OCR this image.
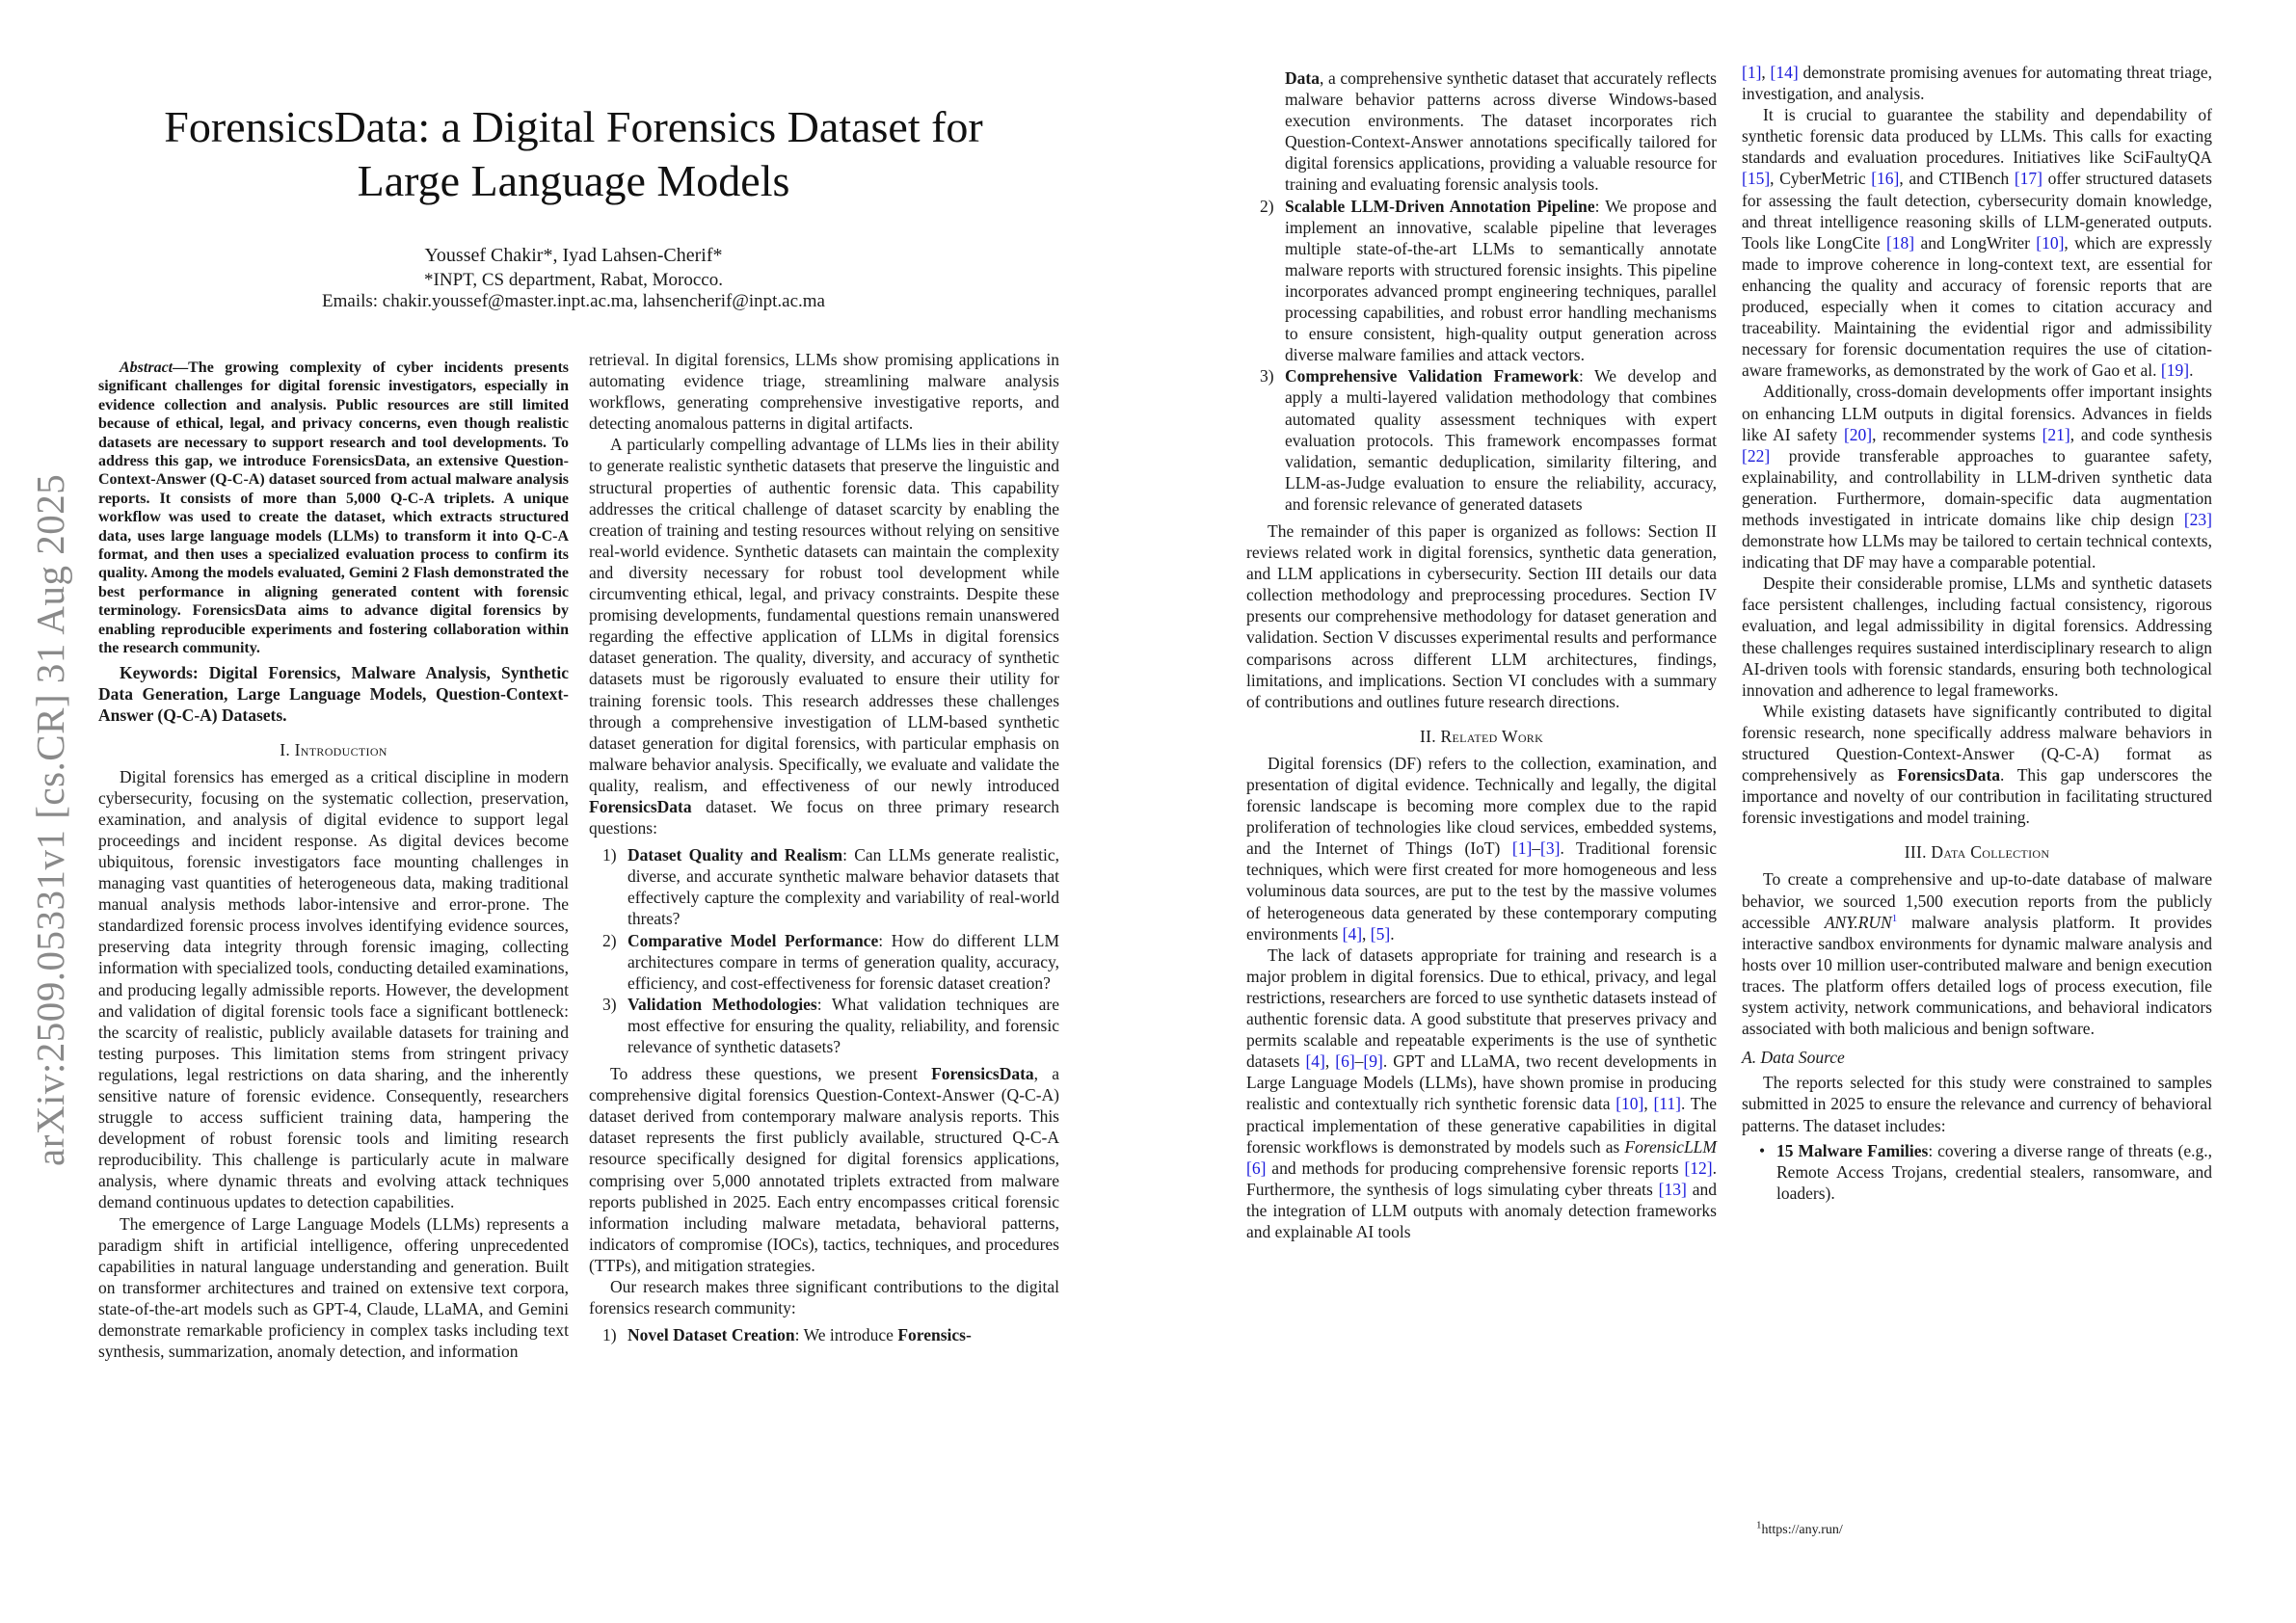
arXiv:2509.05331v1 [cs.CR] 31 Aug 2025
ForensicsData: a Digital Forensics Dataset for
Large Language Models
Youssef Chakir*, Iyad Lahsen-Cherif*
*INPT, CS department, Rabat, Morocco.
Emails: chakir.youssef@master.inpt.ac.ma, lahsencherif@inpt.ac.ma

Abstract—The growing complexity of cyber incidents presents significant challenges for digital forensic investigators, especially in evidence collection and analysis. Public resources are still limited because of ethical, legal, and privacy concerns, even though realistic datasets are necessary to support research and tool developments. To address this gap, we introduce ForensicsData, an extensive Question-Context-Answer (Q-C-A) dataset sourced from actual malware analysis reports. It consists of more than 5,000 Q-C-A triplets. A unique workflow was used to create the dataset, which extracts structured data, uses large language models (LLMs) to transform it into Q-C-A format, and then uses a specialized evaluation process to confirm its quality. Among the models evaluated, Gemini 2 Flash demonstrated the best performance in aligning generated content with forensic terminology. ForensicsData aims to advance digital forensics by enabling reproducible experiments and fostering collaboration within the research community.

Keywords: Digital Forensics, Malware Analysis, Synthetic Data Generation, Large Language Models, Question-Context-Answer (Q-C-A) Datasets.

I. Introduction

Digital forensics has emerged as a critical discipline in modern cybersecurity, focusing on the systematic collection, preservation, examination, and analysis of digital evidence to support legal proceedings and incident response. As digital devices become ubiquitous, forensic investigators face mounting challenges in managing vast quantities of heterogeneous data, making traditional manual analysis methods labor-intensive and error-prone. The standardized forensic process involves identifying evidence sources, preserving data integrity through forensic imaging, collecting information with specialized tools, conducting detailed examinations, and producing legally admissible reports. However, the development and validation of digital forensic tools face a significant bottleneck: the scarcity of realistic, publicly available datasets for training and testing purposes. This limitation stems from stringent privacy regulations, legal restrictions on data sharing, and the inherently sensitive nature of forensic evidence. Consequently, researchers struggle to access sufficient training data, hampering the development of robust forensic tools and limiting research reproducibility. This challenge is particularly acute in malware analysis, where dynamic threats and evolving attack techniques demand continuous updates to detection capabilities.

The emergence of Large Language Models (LLMs) represents a paradigm shift in artificial intelligence, offering unprecedented capabilities in natural language understanding and generation. Built on transformer architectures and trained on extensive text corpora, state-of-the-art models such as GPT-4, Claude, LLaMA, and Gemini demonstrate remarkable proficiency in complex tasks including text synthesis, summarization, anomaly detection, and information

retrieval. In digital forensics, LLMs show promising applications in automating evidence triage, streamlining malware analysis workflows, generating comprehensive investigative reports, and detecting anomalous patterns in digital artifacts.

A particularly compelling advantage of LLMs lies in their ability to generate realistic synthetic datasets that preserve the linguistic and structural properties of authentic forensic data. This capability addresses the critical challenge of dataset scarcity by enabling the creation of training and testing resources without relying on sensitive real-world evidence. Synthetic datasets can maintain the complexity and diversity necessary for robust tool development while circumventing ethical, legal, and privacy constraints. Despite these promising developments, fundamental questions remain unanswered regarding the effective application of LLMs in digital forensics dataset generation. The quality, diversity, and accuracy of synthetic datasets must be rigorously evaluated to ensure their utility for training forensic tools. This research addresses these challenges through a comprehensive investigation of LLM-based synthetic dataset generation for digital forensics, with particular emphasis on malware behavior analysis. Specifically, we evaluate and validate the quality, realism, and effectiveness of our newly introduced ForensicsData dataset. We focus on three primary research questions:

1) Dataset Quality and Realism: Can LLMs generate realistic, diverse, and accurate synthetic malware behavior datasets that effectively capture the complexity and variability of real-world threats?
2) Comparative Model Performance: How do different LLM architectures compare in terms of generation quality, accuracy, efficiency, and cost-effectiveness for forensic dataset creation?
3) Validation Methodologies: What validation techniques are most effective for ensuring the quality, reliability, and forensic relevance of synthetic datasets?

To address these questions, we present ForensicsData, a comprehensive digital forensics Question-Context-Answer (Q-C-A) dataset derived from contemporary malware analysis reports. This dataset represents the first publicly available, structured Q-C-A resource specifically designed for digital forensics applications, comprising over 5,000 annotated triplets extracted from malware reports published in 2025. Each entry encompasses critical forensic information including malware metadata, behavioral patterns, indicators of compromise (IOCs), tactics, techniques, and procedures (TTPs), and mitigation strategies.

Our research makes three significant contributions to the digital forensics research community:

1) Novel Dataset Creation: We introduce Forensics-
Data, a comprehensive synthetic dataset that accurately reflects malware behavior patterns across diverse Windows-based execution environments. The dataset incorporates rich Question-Context-Answer annotations specifically tailored for digital forensics applications, providing a valuable resource for training and evaluating forensic analysis tools.
2) Scalable LLM-Driven Annotation Pipeline: We propose and implement an innovative, scalable pipeline that leverages multiple state-of-the-art LLMs to semantically annotate malware reports with structured forensic insights. This pipeline incorporates advanced prompt engineering techniques, parallel processing capabilities, and robust error handling mechanisms to ensure consistent, high-quality output generation across diverse malware families and attack vectors.
3) Comprehensive Validation Framework: We develop and apply a multi-layered validation methodology that combines automated quality assessment techniques with expert evaluation protocols. This framework encompasses format validation, semantic deduplication, similarity filtering, and LLM-as-Judge evaluation to ensure the reliability, accuracy, and forensic relevance of generated datasets

The remainder of this paper is organized as follows: Section II reviews related work in digital forensics, synthetic data generation, and LLM applications in cybersecurity. Section III details our data collection methodology and preprocessing procedures. Section IV presents our comprehensive methodology for dataset generation and validation. Section V discusses experimental results and performance comparisons across different LLM architectures, findings, limitations, and implications. Section VI concludes with a summary of contributions and outlines future research directions.

II. Related Work

Digital forensics (DF) refers to the collection, examination, and presentation of digital evidence. Technically and legally, the digital forensic landscape is becoming more complex due to the rapid proliferation of technologies like cloud services, embedded systems, and the Internet of Things (IoT) [1]–[3]. Traditional forensic techniques, which were first created for more homogeneous and less voluminous data sources, are put to the test by the massive volumes of heterogeneous data generated by these contemporary computing environments [4], [5].

The lack of datasets appropriate for training and research is a major problem in digital forensics. Due to ethical, privacy, and legal restrictions, researchers are forced to use synthetic datasets instead of authentic forensic data. A good substitute that preserves privacy and permits scalable and repeatable experiments is the use of synthetic datasets [4], [6]–[9]. GPT and LLaMA, two recent developments in Large Language Models (LLMs), have shown promise in producing realistic and contextually rich synthetic forensic data [10], [11]. The practical implementation of these generative capabilities in digital forensic workflows is demonstrated by models such as ForensicLLM [6] and methods for producing comprehensive forensic reports [12]. Furthermore, the synthesis of logs simulating cyber threats [13] and the integration of LLM outputs with anomaly detection frameworks and explainable AI tools

[1], [14] demonstrate promising avenues for automating threat triage, investigation, and analysis.

It is crucial to guarantee the stability and dependability of synthetic forensic data produced by LLMs. This calls for exacting standards and evaluation procedures. Initiatives like SciFaultyQA [15], CyberMetric [16], and CTIBench [17] offer structured datasets for assessing the fault detection, cybersecurity domain knowledge, and threat intelligence reasoning skills of LLM-generated outputs. Tools like LongCite [18] and LongWriter [10], which are expressly made to improve coherence in long-context text, are essential for enhancing the quality and accuracy of forensic reports that are produced, especially when it comes to citation accuracy and traceability. Maintaining the evidential rigor and admissibility necessary for forensic documentation requires the use of citation-aware frameworks, as demonstrated by the work of Gao et al. [19].

Additionally, cross-domain developments offer important insights on enhancing LLM outputs in digital forensics. Advances in fields like AI safety [20], recommender systems [21], and code synthesis [22] provide transferable approaches to guarantee safety, explainability, and controllability in LLM-driven synthetic data generation. Furthermore, domain-specific data augmentation methods investigated in intricate domains like chip design [23] demonstrate how LLMs may be tailored to certain technical contexts, indicating that DF may have a comparable potential.

Despite their considerable promise, LLMs and synthetic datasets face persistent challenges, including factual consistency, rigorous evaluation, and legal admissibility in digital forensics. Addressing these challenges requires sustained interdisciplinary research to align AI-driven tools with forensic standards, ensuring both technological innovation and adherence to legal frameworks.

While existing datasets have significantly contributed to digital forensic research, none specifically address malware behaviors in structured Question-Context-Answer (Q-C-A) format as comprehensively as ForensicsData. This gap underscores the importance and novelty of our contribution in facilitating structured forensic investigations and model training.

III. Data Collection

To create a comprehensive and up-to-date database of malware behavior, we sourced 1,500 execution reports from the publicly accessible ANY.RUN$^1$ malware analysis platform. It provides interactive sandbox environments for dynamic malware analysis and hosts over 10 million user-contributed malware and benign execution traces. The platform offers detailed logs of process execution, file system activity, network communications, and behavioral indicators associated with both malicious and benign software.

A. Data Source

The reports selected for this study were constrained to samples submitted in 2025 to ensure the relevance and currency of behavioral patterns. The dataset includes:

• 15 Malware Families: covering a diverse range of threats (e.g., Remote Access Trojans, credential stealers, ransomware, and loaders).
$^1$https://any.run/
